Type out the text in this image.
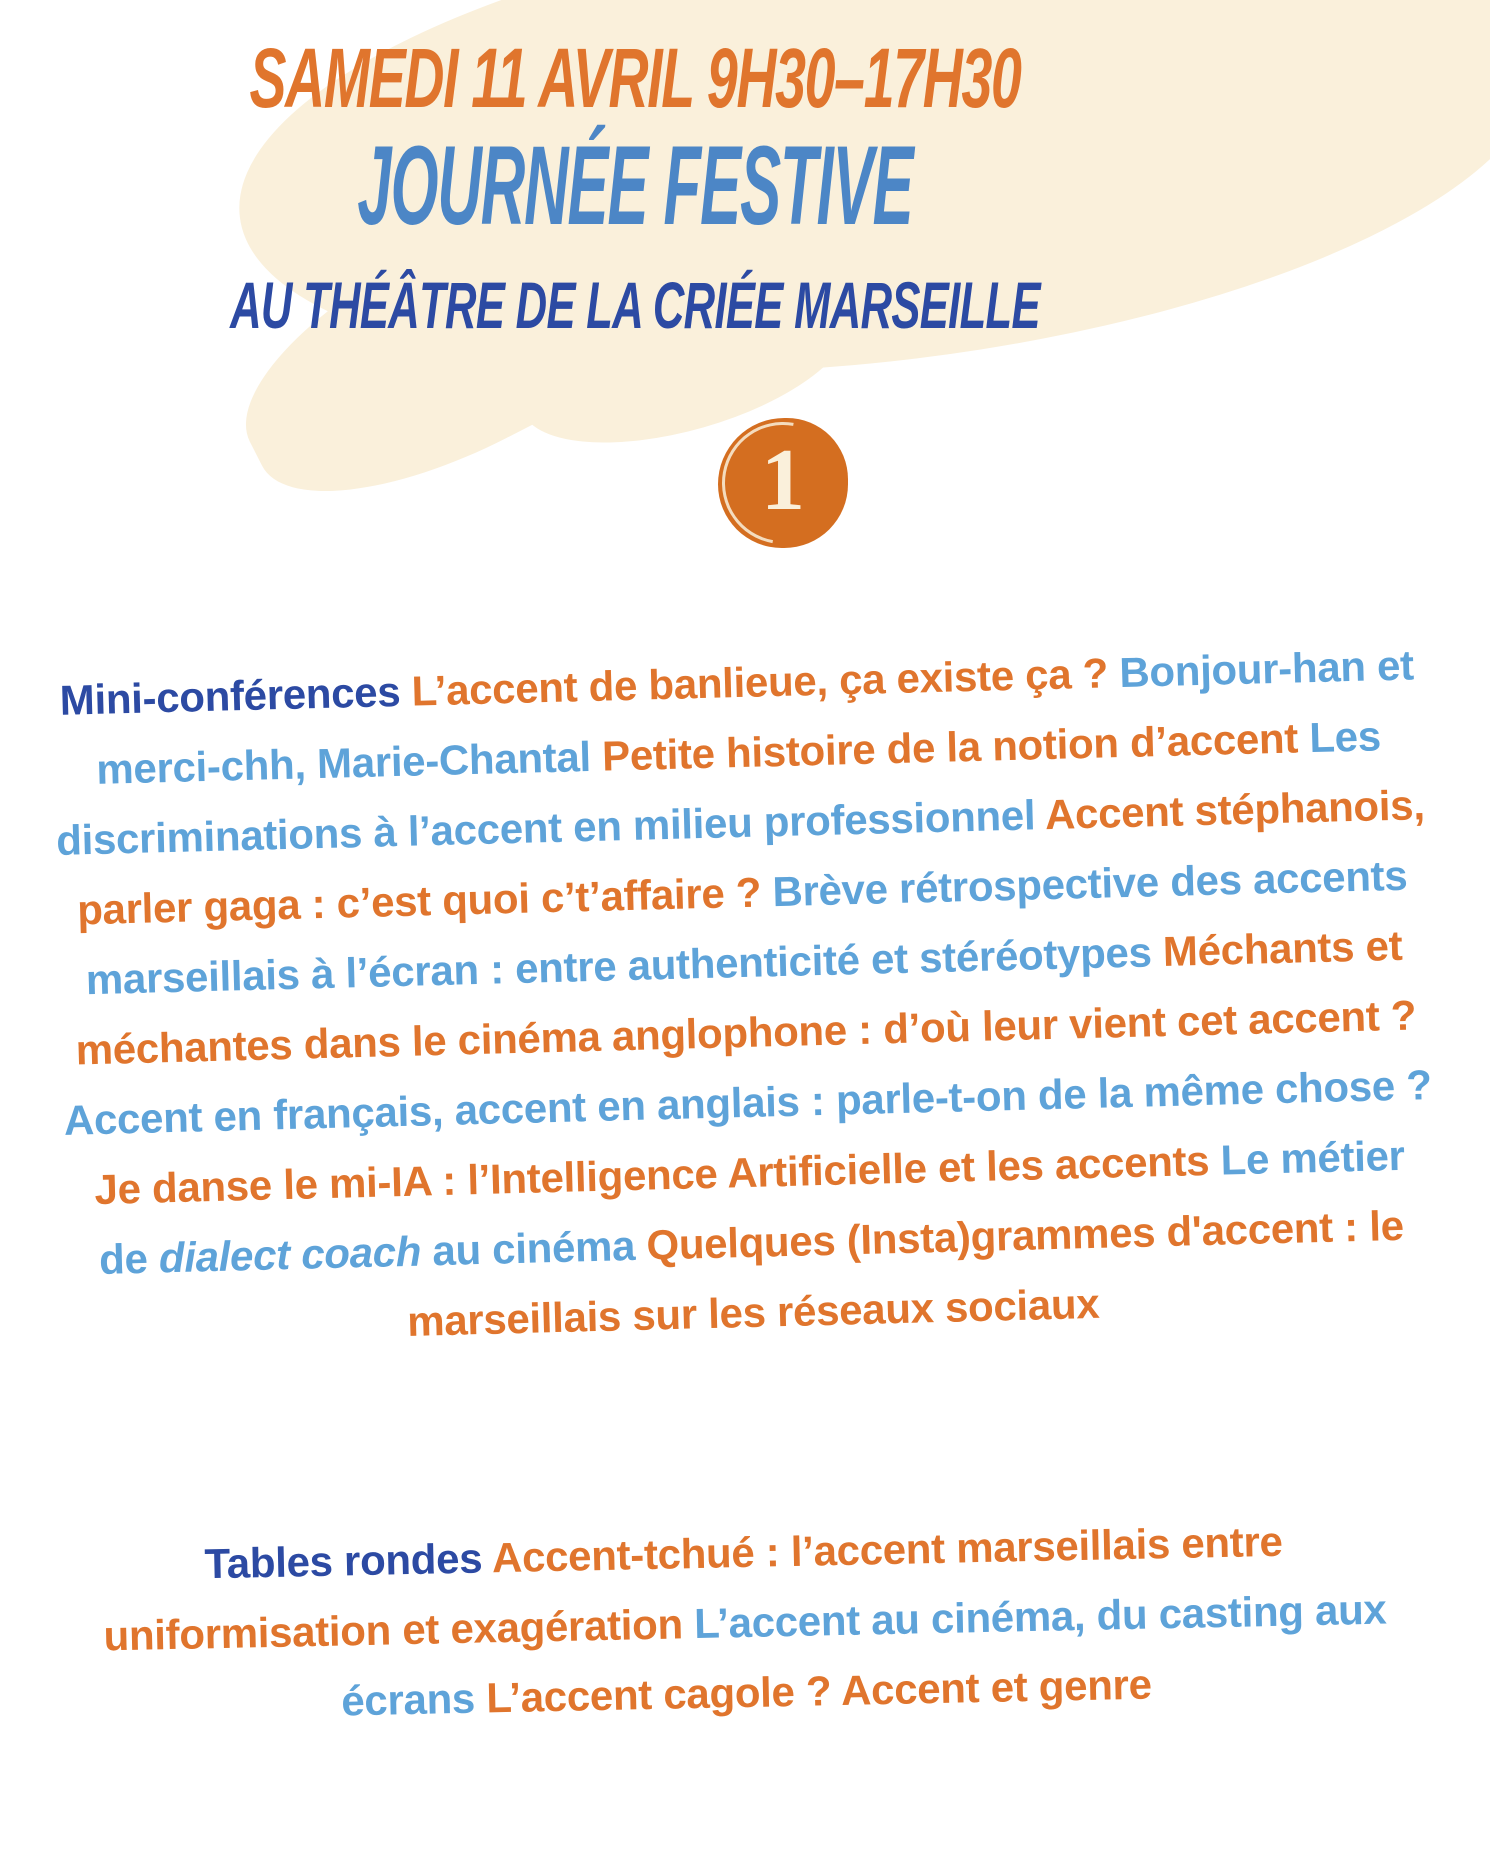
SAMEDI 11 AVRIL 9H30–17H30
JOURNÉE FESTIVE
AU THÉÂTRE DE LA CRIÉE MARSEILLE
1
Mini-conférences L’accent de banlieue, ça existe ça ? Bonjour-han et merci-chh, Marie-Chantal Petite histoire de la notion d’accent Les discriminations à l’accent en milieu professionnel Accent stéphanois, parler gaga : c’est quoi c’t’affaire ? Brève rétrospective des accents marseillais à l’écran : entre authenticité et stéréotypes Méchants et méchantes dans le cinéma anglophone : d’où leur vient cet accent ? Accent en français, accent en anglais : parle-t-on de la même chose ? Je danse le mi-IA : l’Intelligence Artificielle et les accents Le métier de dialect coach au cinéma Quelques (Insta)grammes d'accent : le marseillais sur les réseaux sociaux
Tables rondes Accent-tchué : l’accent marseillais entre uniformisation et exagération L’accent au cinéma, du casting aux écrans L’accent cagole ? Accent et genre
